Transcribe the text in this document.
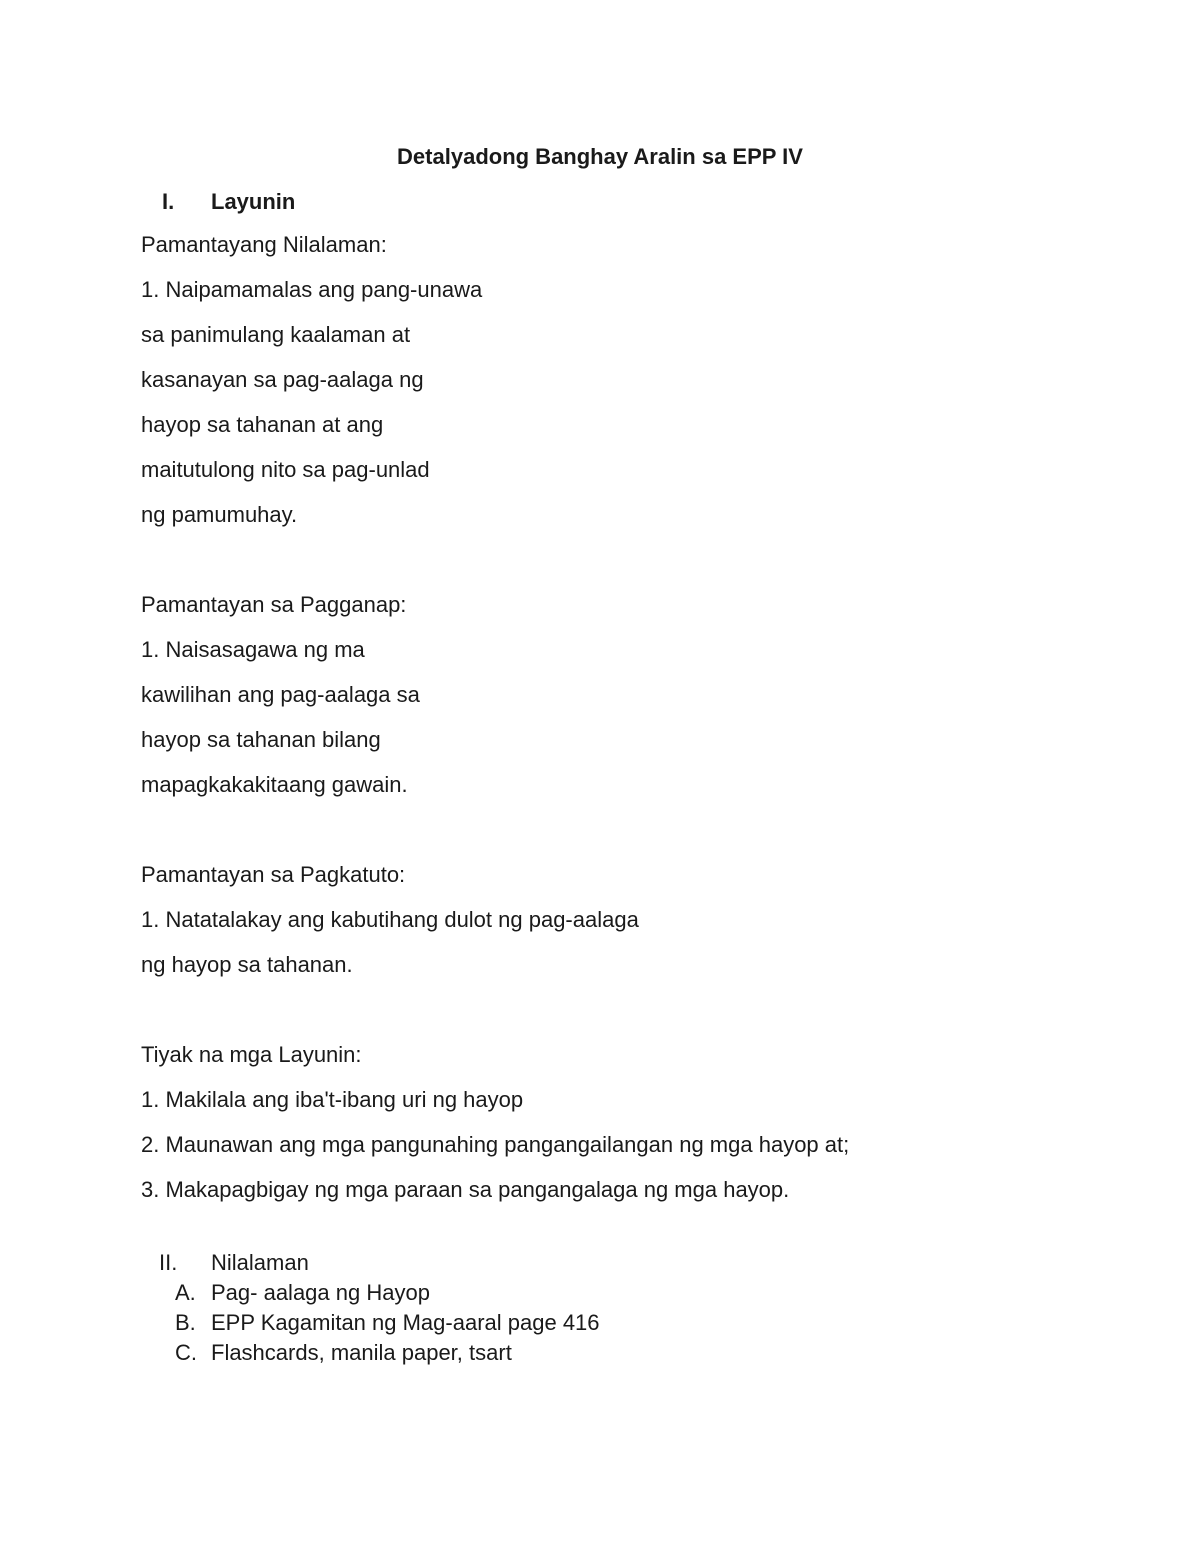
Detalyadong Banghay Aralin sa EPP IV
I. Layunin
Pamantayang Nilalaman:
1. Naipamamalas ang pang-unawa
sa panimulang kaalaman at
kasanayan sa pag-aalaga ng
hayop sa tahanan at ang
maitutulong nito sa pag-unlad
ng pamumuhay.
Pamantayan sa Pagganap:
1. Naisasagawa ng ma
kawilihan ang pag-aalaga sa
hayop sa tahanan bilang
mapagkakakitaang gawain.
Pamantayan sa Pagkatuto:
1. Natatalakay ang kabutihang dulot ng pag-aalaga
ng hayop sa tahanan.
Tiyak na mga Layunin:
1. Makilala ang iba't-ibang uri ng hayop
2. Maunawan ang mga pangunahing pangangailangan ng mga hayop at;
3. Makapagbigay ng mga paraan sa pangangalaga ng mga hayop.
II. Nilalaman
A. Pag- aalaga ng Hayop
B. EPP Kagamitan ng Mag-aaral page 416
C. Flashcards, manila paper, tsart
